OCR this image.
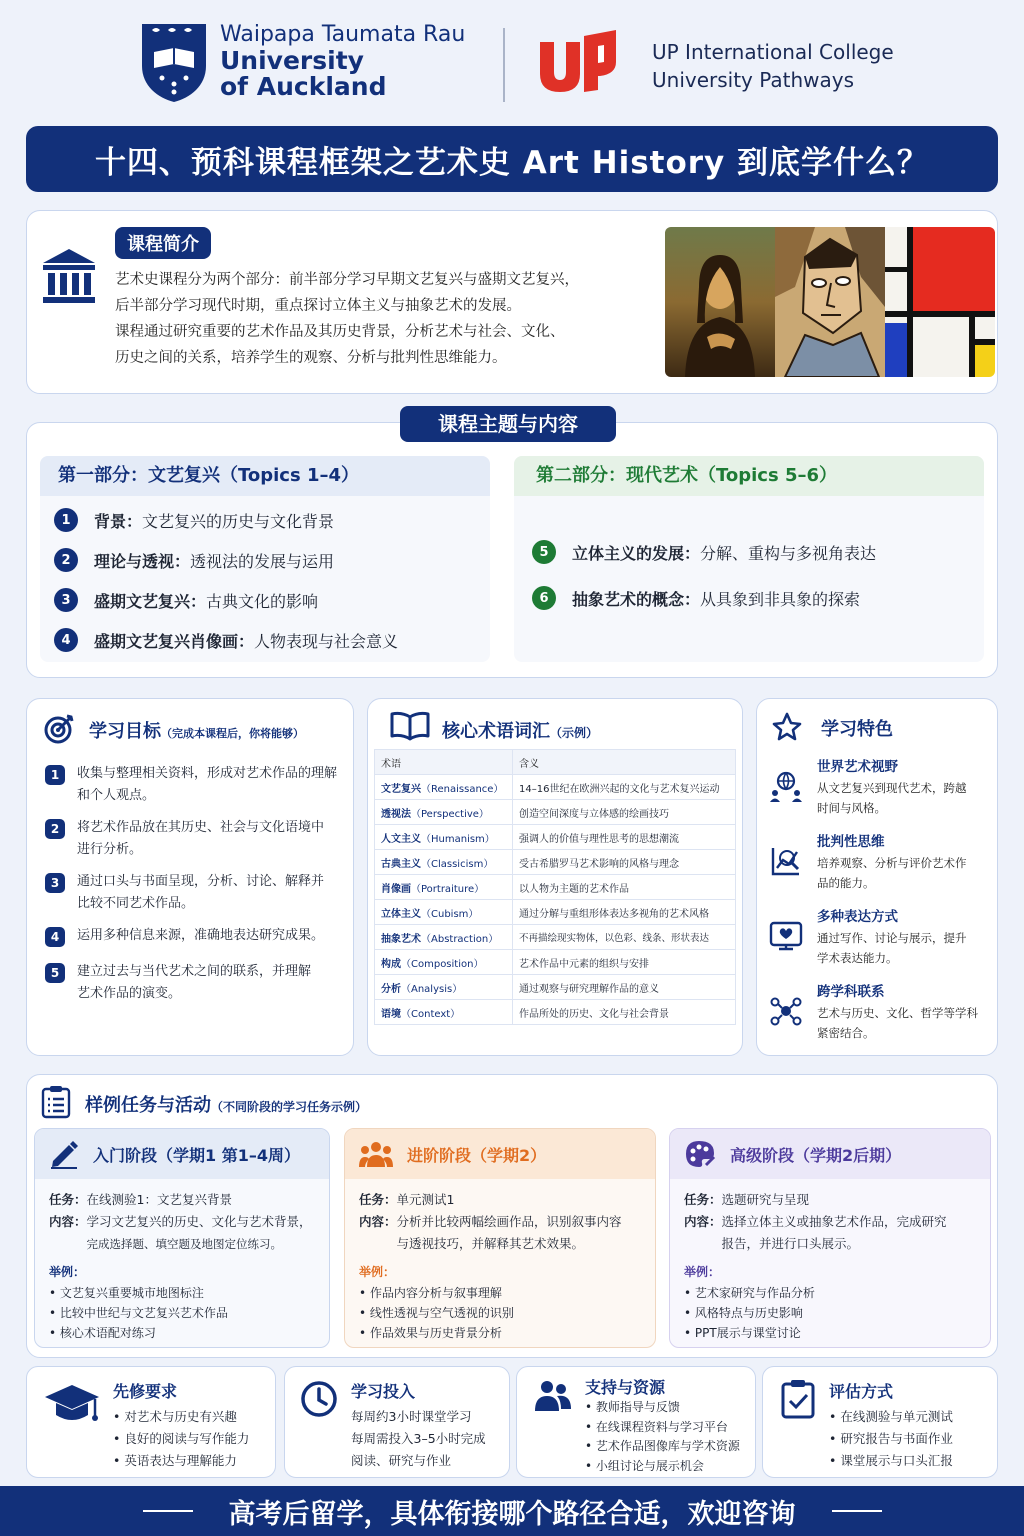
Waipapa Taumata Rau
University
of Auckland
UP International College
University Pathways
十四、预科课程框架之艺术史 Art History 到底学什么？
课程简介
艺术史课程分为两个部分：前半部分学习早期文艺复兴与盛期文艺复兴，
后半部分学习现代时期，重点探讨立体主义与抽象艺术的发展。
课程通过研究重要的艺术作品及其历史背景，分析艺术与社会、文化、
历史之间的关系，培养学生的观察、分析与批判性思维能力。
课程主题与内容
第一部分：文艺复兴（Topics 1–4）
1	背景： 文艺复兴的历史与文化背景
2	理论与透视： 透视法的发展与运用
3	盛期文艺复兴： 古典文化的影响
4	盛期文艺复兴肖像画： 人物表现与社会意义
第二部分：现代艺术（Topics 5–6）
5	立体主义的发展： 分解、重构与多视角表达
6	抽象艺术的概念： 从具象到非具象的探索
学习目标（完成本课程后，你将能够）
1	收集与整理相关资料，形成对艺术作品的理解
和个人观点。
2	将艺术作品放在其历史、社会与文化语境中
进行分析。
3	通过口头与书面呈现，分析、讨论、解释并
比较不同艺术作品。
4	运用多种信息来源，准确地表达研究成果。
5	建立过去与当代艺术之间的联系，并理解
艺术作品的演变。
核心术语词汇（示例）
术语	含义
文艺复兴（Renaissance）	14–16世纪在欧洲兴起的文化与艺术复兴运动
透视法（Perspective）	创造空间深度与立体感的绘画技巧
人文主义（Humanism）	强调人的价值与理性思考的思想潮流
古典主义（Classicism）	受古希腊罗马艺术影响的风格与理念
肖像画（Portraiture）	以人物为主题的艺术作品
立体主义（Cubism）	通过分解与重组形体表达多视角的艺术风格
抽象艺术（Abstraction）	不再描绘现实物体，以色彩、线条、形状表达
构成（Composition）	艺术作品中元素的组织与安排
分析（Analysis）	通过观察与研究理解作品的意义
语境（Context）	作品所处的历史、文化与社会背景
学习特色
世界艺术视野

从文艺复兴到现代艺术，跨越

时间与风格。

批判性思维

培养观察、分析与评价艺术作

品的能力。

多种表达方式

通过写作、讨论与展示，提升

学术表达能力。

跨学科联系

艺术与历史、文化、哲学等学科

紧密结合。

样例任务与活动（不同阶段的学习任务示例）
入门阶段（学期1 第1–4周）
任务：在线测验1：文艺复兴背景
内容： 学习文艺复兴的历史、文化与艺术背景，
完成选择题、填空题及地图定位练习。
举例：
• 文艺复兴重要城市地图标注
• 比较中世纪与文艺复兴艺术作品
• 核心术语配对练习
进阶阶段（学期2）
任务：单元测试1
内容： 分析并比较两幅绘画作品，识别叙事内容
与透视技巧，并解释其艺术效果。
举例：
• 作品内容分析与叙事理解
• 线性透视与空气透视的识别
• 作品效果与历史背景分析
高级阶段（学期2后期）
任务：选题研究与呈现
内容： 选择立体主义或抽象艺术作品，完成研究
报告，并进行口头展示。
举例：
• 艺术家研究与作品分析
• 风格特点与历史影响
• PPT展示与课堂讨论
先修要求
• 对艺术与历史有兴趣
• 良好的阅读与写作能力
• 英语表达与理解能力
学习投入

每周约3小时课堂学习

每周需投入3–5小时完成

阅读、研究与作业

支持与资源
• 教师指导与反馈
• 在线课程资料与学习平台
• 艺术作品图像库与学术资源
• 小组讨论与展示机会
评估方式
• 在线测验与单元测试
• 研究报告与书面作业
• 课堂展示与口头汇报
高考后留学，具体衔接哪个路径合适，欢迎咨询
